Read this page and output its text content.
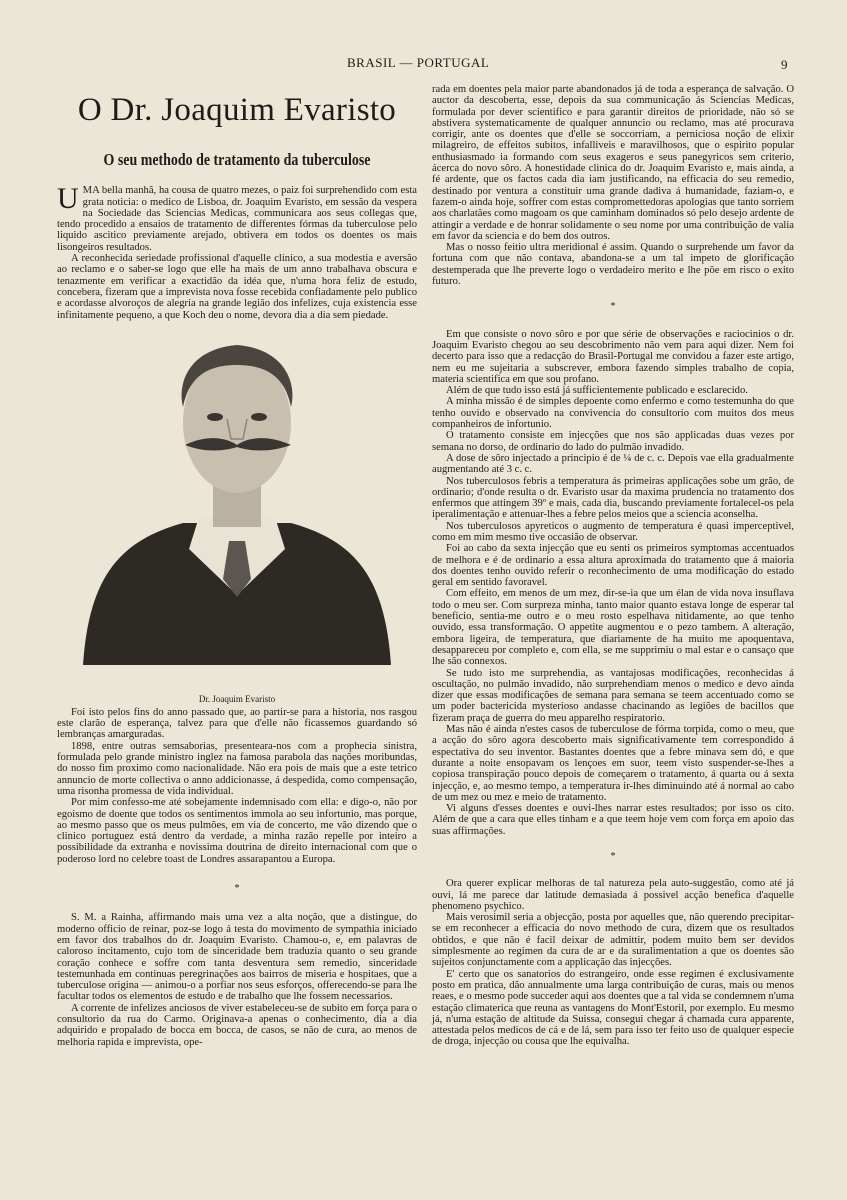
BRASIL — PORTUGAL	9
O Dr. Joaquim Evaristo
O seu methodo de tratamento da tuberculose

UMA bella manhã, ha cousa de quatro mezes, o paiz foi surprehendido com esta grata noticia: o medico de Lisboa, dr. Joaquim Evaristo, em sessão da vespera na Sociedade das Sciencias Medicas, communicara aos seus collegas que, tendo procedido a ensaios de tratamento de differentes fórmas da tuberculose pelo liquido ascitico previamente arejado, obtivera em todos os doentes os mais lisongeiros resultados.

A reconhecida seriedade profissional d'aquelle clinico, a sua modestia e aversão ao reclamo e o saber-se logo que elle ha mais de um anno trabalhava obscura e tenazmente em verificar a exactidão da idéa que, n'uma hora feliz de estudo, concebera, fizeram que a imprevista nova fosse recebida confiadamente pelo publico e acordasse alvoroços de alegria na grande legião dos infelizes, cuja existencia esse infinitamente pequeno, a que Koch deu o nome, devora dia a dia sem piedade.

Dr. Joaquim Evaristo

Foi isto pelos fins do anno passado que, ao partir-se para a historia, nos rasgou este clarão de esperança, talvez para que d'elle não ficassemos guardando só lembranças amarguradas.

1898, entre outras semsaborias, presenteara-nos com a prophecia sinistra, formulada pelo grande ministro inglez na famosa parabola das nações moribundas, do nosso fim proximo como nacionalidade. Não era pois de mais que a este tetrico annuncio de morte collectiva o anno addicionasse, á despedida, como compensação, uma risonha promessa de vida individual.

Por mim confesso-me até sobejamente indemnisado com ella: e digo-o, não por egoismo de doente que todos os sentimentos immola ao seu infortunio, mas porque, ao mesmo passo que os meus pulmões, em via de concerto, me vão dizendo que o clinico portuguez está dentro da verdade, a minha razão repelle por inteiro a possibilidade da extranha e novissima doutrina de direito internacional com que o poderoso lord no celebre toast de Londres assarapantou a Europa.

*

S. M. a Rainha, affirmando mais uma vez a alta noção, que a distingue, do moderno officio de reinar, poz-se logo á testa do movimento de sympathia iniciado em favor dos trabalhos do dr. Joaquim Evaristo. Chamou-o, e, em palavras de caloroso incitamento, cujo tom de sinceridade bem traduzia quanto o seu grande coração conhece e soffre com tanta desventura sem remedio, sinceridade testemunhada em continuas peregrinações aos bairros de miseria e hospitaes, que a tuberculose origina — animou-o a porfiar nos seus esforços, offerecendo-se para lhe facultar todos os elementos de estudo e de trabalho que lhe fossem necessarios.

A corrente de infelizes anciosos de viver estabeleceu-se de subito em força para o consultorio da rua do Carmo. Originava-a apenas o conhecimento, dia a dia adquirido e propalado de bocca em bocca, de casos, se não de cura, ao menos de melhoria rapida e imprevista, ope-

rada em doentes pela maior parte abandonados já de toda a esperança de salvação. O auctor da descoberta, esse, depois da sua communicação ás Sciencias Medicas, formulada por dever scientifico e para garantir direitos de prioridade, não só se abstivera systematicamente de qualquer annuncio ou reclamo, mas até procurava corrigir, ante os doentes que d'elle se soccorriam, a perniciosa noção de elixir milagreiro, de effeitos subitos, infalliveis e maravilhosos, que o espirito popular enthusiasmado ia formando com seus exageros e seus panegyricos sem criterio, ácerca do novo sôro. A honestidade clinica do dr. Joaquim Evaristo e, mais ainda, a fé ardente, que os factos cada dia iam justificando, na efficacia do seu remedio, destinado por ventura a constituir uma grande dadiva á humanidade, faziam-o, e fazem-o ainda hoje, soffrer com estas compromettedoras apologias que tanto sorriem aos charlatães como magoam os que caminham dominados só pelo desejo ardente de attingir a verdade e de honrar solidamente o seu nome por uma contribuição de valia em favor da sciencia e do bem dos outros.

Mas o nosso feitio ultra meridional é assim. Quando o surprehende um favor da fortuna com que não contava, abandona-se a um tal impeto de glorificação destemperada que lhe preverte logo o verdadeiro merito e lhe põe em risco o exito futuro.

*

Em que consiste o novo sôro e por que série de observações e raciocinios o dr. Joaquim Evaristo chegou ao seu descobrimento não vem para aqui dizer. Nem foi decerto para isso que a redacção do Brasil-Portugal me convidou a fazer este artigo, nem eu me sujeitaria a subscrever, embora fazendo simples trabalho de copia, materia scientifica em que sou profano.

Além de que tudo isso está já sufficientemente publicado e esclarecido.

A minha missão é de simples depoente como enfermo e como testemunha do que tenho ouvido e observado na convivencia do consultorio com muitos dos meus companheiros de infortunio.

O tratamento consiste em injecções que nos são applicadas duas vezes por semana no dorso, de ordinario do lado do pulmão invadido.

A dose de sôro injectado a principio é de ¼ de c. c. Depois vae ella gradualmente augmentando até 3 c. c.

Nos tuberculosos febris a temperatura ás primeiras applicações sobe um grão, de ordinario; d'onde resulta o dr. Evaristo usar da maxima prudencia no tratamento dos enfermos que attingem 39º e mais, cada dia, buscando previamente fortalecel-os pela iperalimentação e attenuar-lhes a febre pelos meios que a sciencia aconselha.

Nos tuberculosos apyreticos o augmento de temperatura é quasi imperceptivel, como em mim mesmo tive occasião de observar.

Foi ao cabo da sexta injecção que eu senti os primeiros symptomas accentuados de melhora e é de ordinario a essa altura aproximada do tratamento que á maioria dos doentes tenho ouvido referir o reconhecimento de uma modificação do estado geral em sentido favoravel.

Com effeito, em menos de um mez, dir-se-ia que um élan de vida nova insuflava todo o meu ser. Com surpreza minha, tanto maior quanto estava longe de esperar tal beneficio, sentia-me outro e o meu rosto espelhava nitidamente, ao que tenho ouvido, essa transformação. O appetite augmentou e o pezo tambem. A alteração, embora ligeira, de temperatura, que diariamente de ha muito me apoquentava, desappareceu por completo e, com ella, se me supprimiu o mal estar e o cansaço que lhe são connexos.

Se tudo isto me surprehendia, as vantajosas modificações, reconhecidas á oscultação, no pulmão invadido, não surprehendiam menos o medico e devo ainda dizer que essas modificações de semana para semana se teem accentuado como se um poder bactericida mysterioso andasse chacinando as legiões de bacillos que fizeram praça de guerra do meu apparelho respiratorio.

Mas não é ainda n'estes casos de tuberculose de fórma torpida, como o meu, que a acção do sôro agora descoberto mais significativamente tem correspondido á espectativa do seu inventor. Bastantes doentes que a febre minava sem dó, e que durante a noite ensopavam os lençoes em suor, teem visto suspender-se-lhes a copiosa transpiração pouco depois de começarem o tratamento, á quarta ou á sexta injecção, e, ao mesmo tempo, a temperatura ir-lhes diminuindo até á normal ao cabo de um mez ou mez e meio de tratamento.

Vi alguns d'esses doentes e ouvi-lhes narrar estes resultados; por isso os cito. Além de que a cara que elles tinham e a que teem hoje vem com força em apoio das suas affirmações.

*

Ora querer explicar melhoras de tal natureza pela auto-suggestão, como até já ouvi, lá me parece dar latitude demasiada á possivel acção benefica d'aquelle phenomeno psychico.

Mais verosimil seria a objecção, posta por aquelles que, não querendo precipitar-se em reconhecer a efficacia do novo methodo de cura, dizem que os resultados obtidos, e que não é facil deixar de admittir, podem muito bem ser devidos simplesmente ao regimen da cura de ar e da suralimentation a que os doentes são sujeitos conjunctamente com a applicação das injecções.

E' certo que os sanatorios do estrangeiro, onde esse regimen é exclusivamente posto em pratica, dão annualmente uma larga contribuição de curas, mais ou menos reaes, e o mesmo pode succeder aqui aos doentes que a tal vida se condemnem n'uma estação climaterica que reuna as vantagens do Mont'Estoril, por exemplo. Eu mesmo já, n'uma estação de altitude da Suissa, consegui chegar á chamada cura apparente, attestada pelos medicos de cá e de lá, sem para isso ter feito uso de qualquer especie de droga, injecção ou cousa que lhe equivalha.
